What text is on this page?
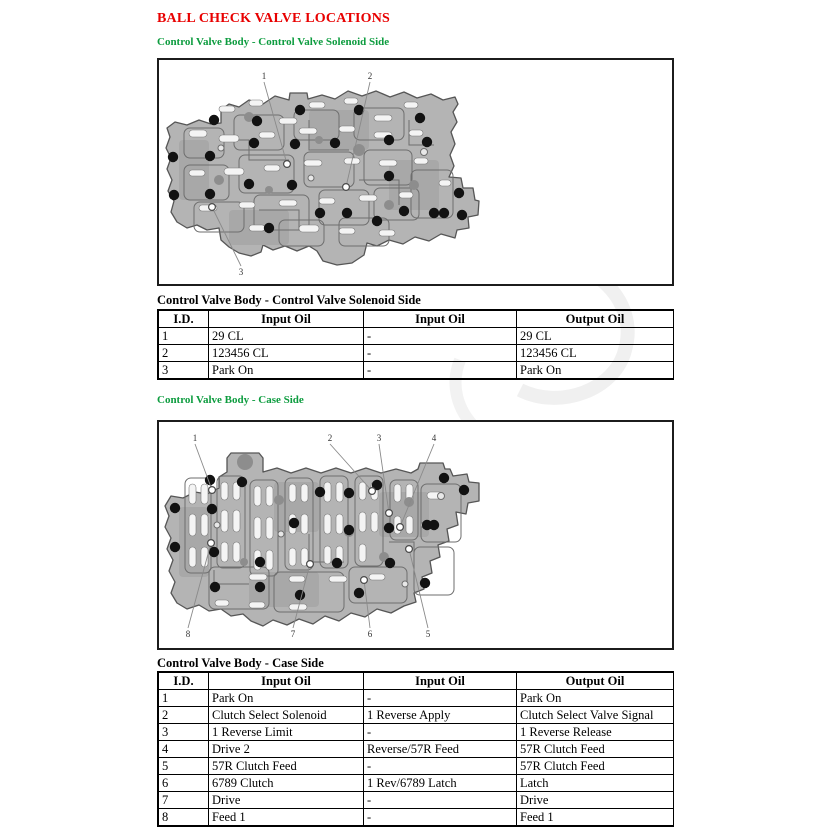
BALL CHECK VALVE LOCATIONS
Control Valve Body - Control Valve Solenoid Side
1	2
3
Control Valve Body - Control Valve Solenoid Side
I.D.	Input Oil	Input Oil	Output Oil
1	29 CL	-	29 CL
2	123456 CL	-	123456 CL
3	Park On	-	Park On
Control Valve Body - Case Side
1	2	3	4
5
6
7
8
Control Valve Body - Case Side
I.D.	Input Oil	Input Oil	Output Oil
1	Park On	-	Park On
2	Clutch Select Solenoid	1 Reverse Apply	Clutch Select Valve Signal
3	1 Reverse Limit	-	1 Reverse Release
4	Drive 2	Reverse/57R Feed	57R Clutch Feed
5	57R Clutch Feed	-	57R Clutch Feed
6	6789 Clutch	1 Rev/6789 Latch	Latch
7	Drive	-	Drive
8	Feed 1	-	Feed 1
